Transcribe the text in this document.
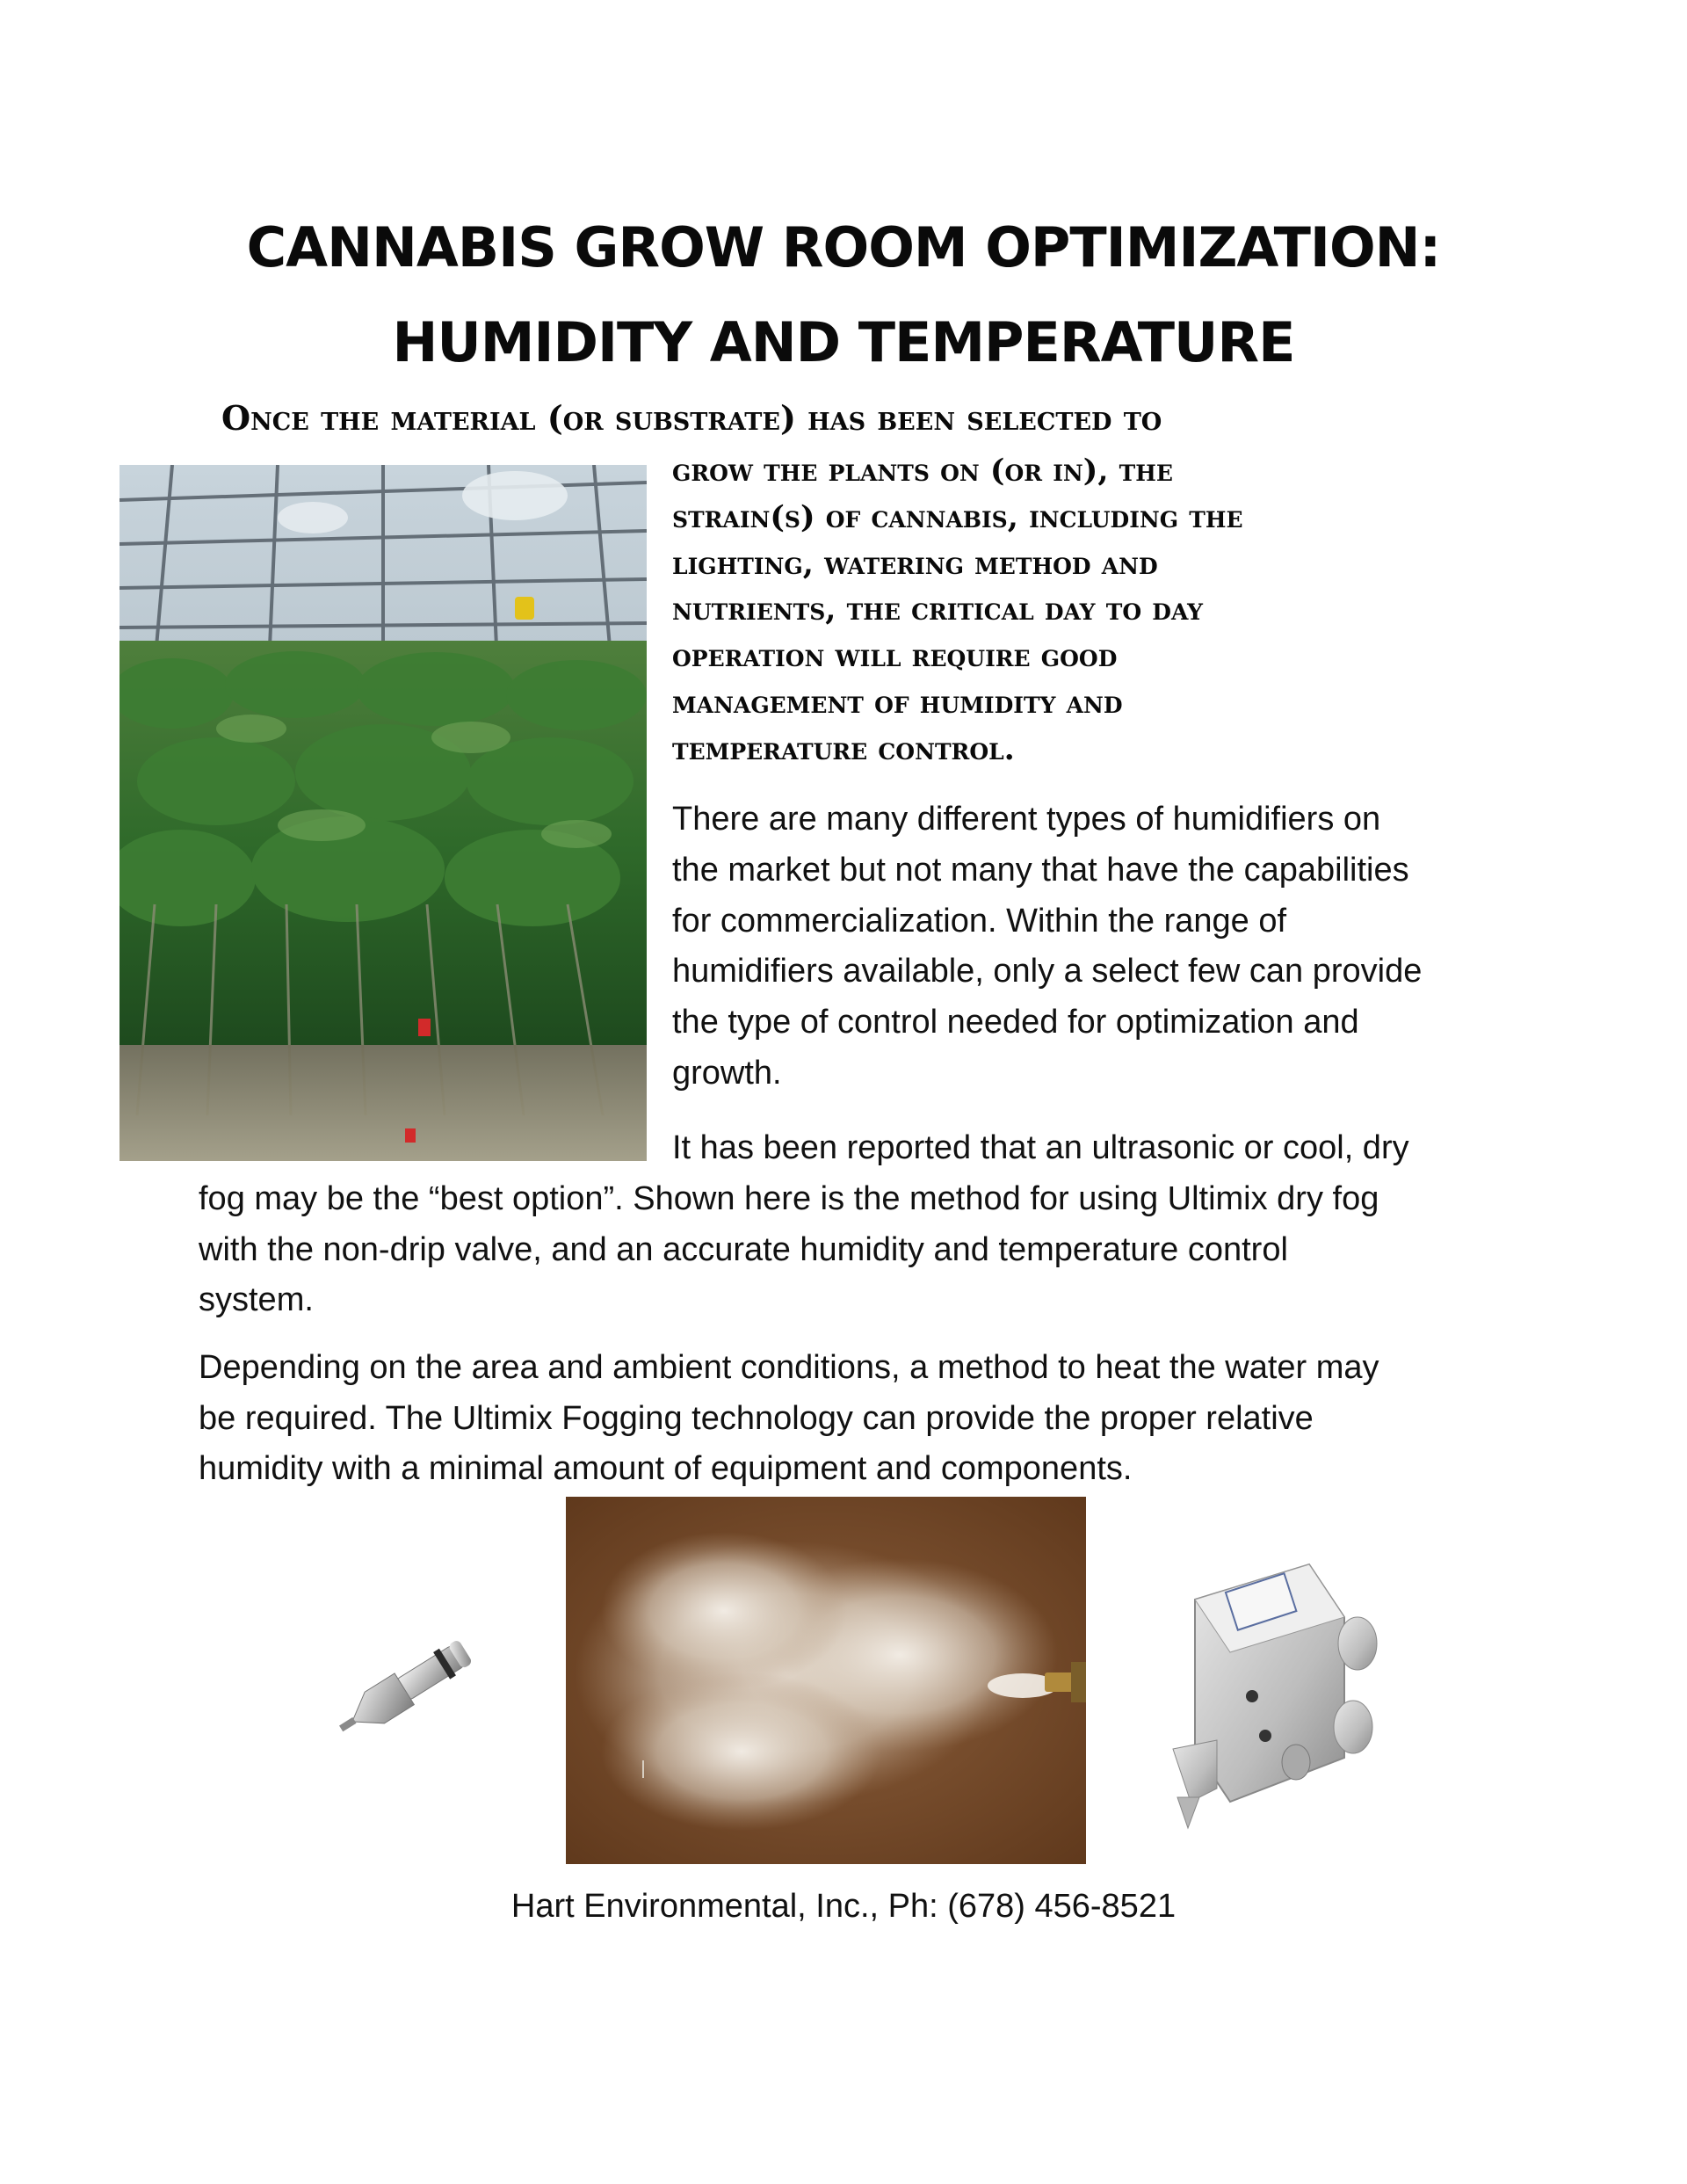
CANNABIS GROW ROOM OPTIMIZATION:
HUMIDITY AND TEMPERATURE
Once the material (or substrate) has been selected to
grow the plants on (or in), the
strain(s) of cannabis, including the
lighting, watering method and
nutrients, the critical day to day
operation will require good
management of humidity and
temperature control.
There are many different types of humidifiers on
the market but not many that have the capabilities
for commercialization. Within the range of
humidifiers available, only a select few can provide
the type of control needed for optimization and
growth.
It has been reported that an ultrasonic or cool, dry
fog may be the “best option”. Shown here is the method for using Ultimix dry fog
with the non-drip valve, and an accurate humidity and temperature control
system.
Depending on the area and ambient conditions, a method to heat the water may
be required. The Ultimix Fogging technology can provide the proper relative
humidity with a minimal amount of equipment and components.
Hart Environmental, Inc., Ph: (678) 456-8521
